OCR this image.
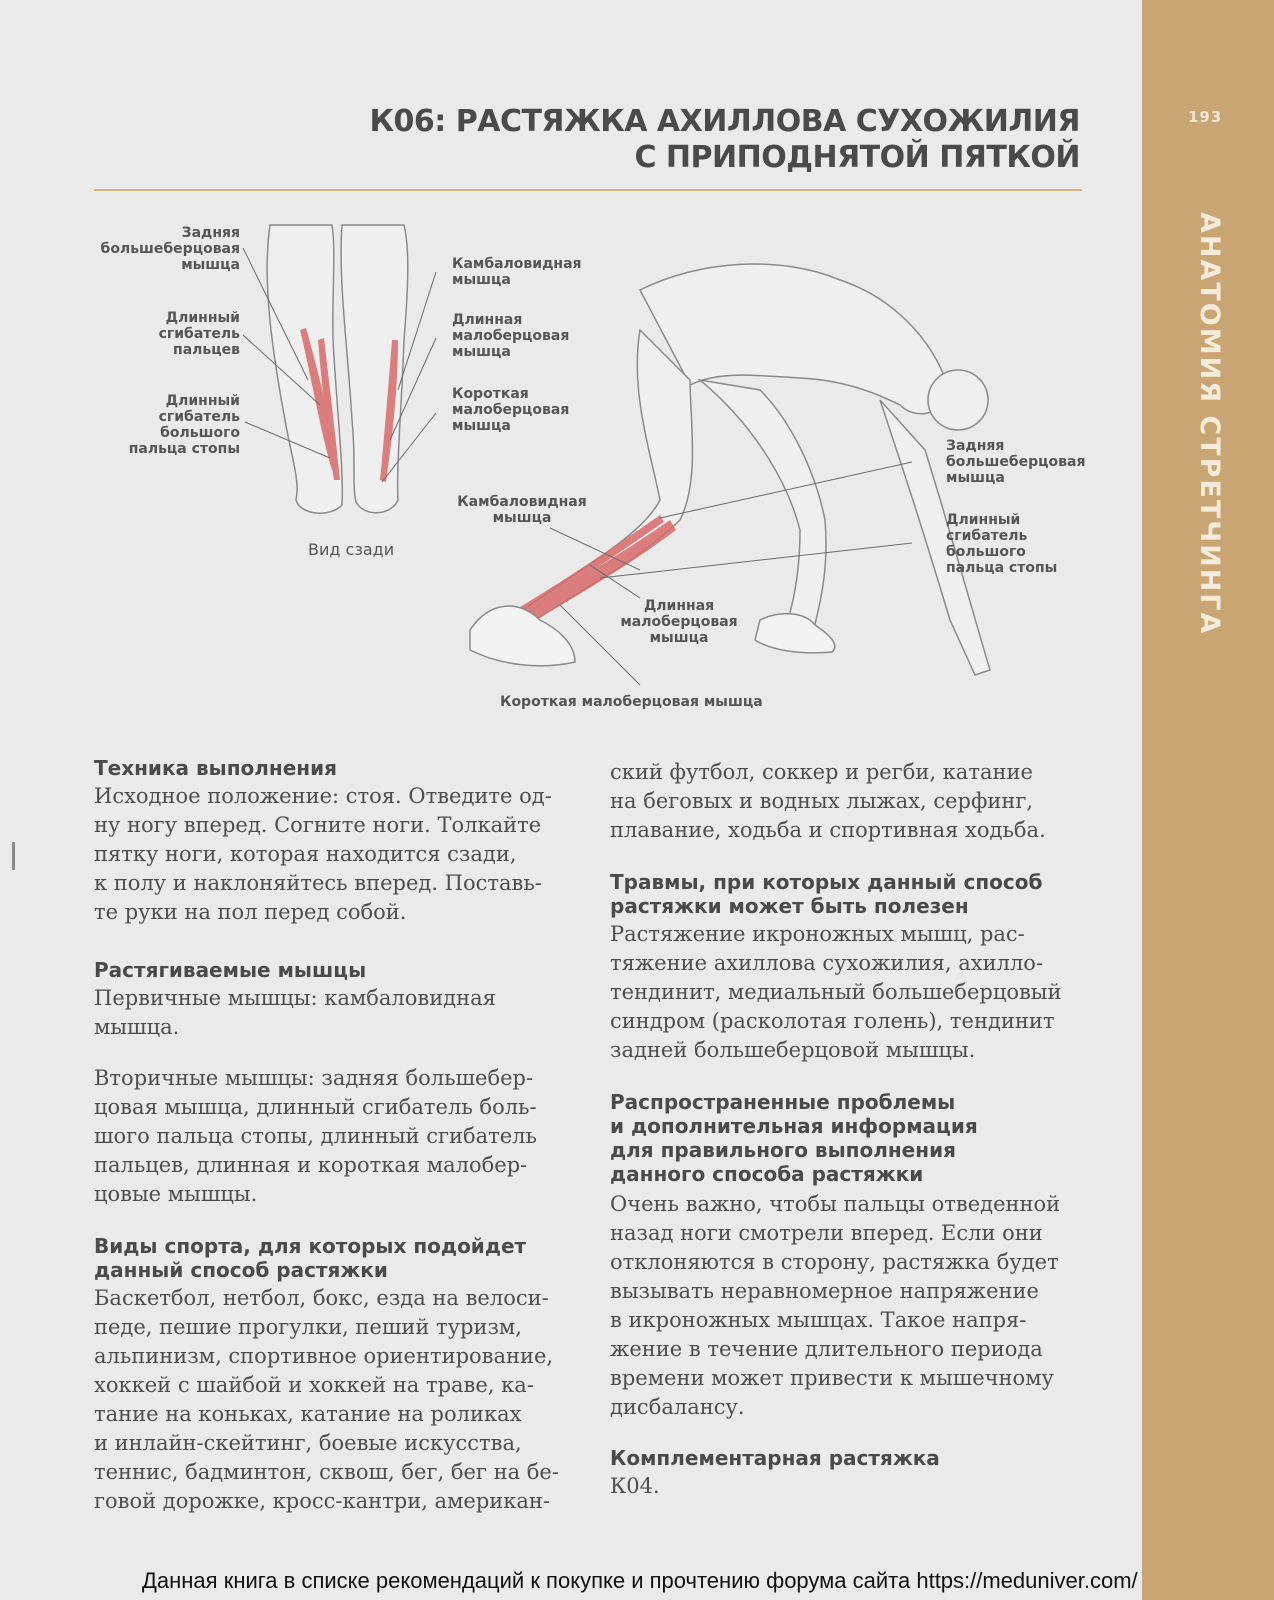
193
АНАТОМИЯ СТРЕТЧИНГА
К06: РАСТЯЖКА АХИЛЛОВА СУХОЖИЛИЯ
С ПРИПОДНЯТОЙ ПЯТКОЙ
Задняя
большеберцовая
мышца
Длинный
сгибатель
пальцев
Длинный
сгибатель
большого
пальца стопы
Камбаловидная
мышца
Длинная
малоберцовая
мышца
Короткая
малоберцовая
мышца
Вид сзади
Камбаловидная
мышца
Задняя
большеберцовая
мышца
Длинный
сгибатель
большого
пальца стопы
Длинная
малоберцовая
мышца
Короткая малоберцовая мышца
Техника выполнения
Исходное положение: стоя. Отведите од-
ну ногу вперед. Согните ноги. Толкайте
пятку ноги, которая находится сзади,
к полу и наклоняйтесь вперед. Поставь-
те руки на пол перед собой.
Растягиваемые мышцы
Первичные мышцы: камбаловидная
мышца.
Вторичные мышцы: задняя большебер-
цовая мышца, длинный сгибатель боль-
шого пальца стопы, длинный сгибатель
пальцев, длинная и короткая малобер-
цовые мышцы.
Виды спорта, для которых подойдет
данный способ растяжки
Баскетбол, нетбол, бокс, езда на велоси-
педе, пешие прогулки, пеший туризм,
альпинизм, спортивное ориентирование,
хоккей с шайбой и хоккей на траве, ка-
тание на коньках, катание на роликах
и инлайн-скейтинг, боевые искусства,
теннис, бадминтон, сквош, бег, бег на бе-
говой дорожке, кросс-кантри, американ-
ский футбол, соккер и регби, катание
на беговых и водных лыжах, серфинг,
плавание, ходьба и спортивная ходьба.
Травмы, при которых данный способ
растяжки может быть полезен
Растяжение икроножных мышц, рас-
тяжение ахиллова сухожилия, ахилло-
тендинит, медиальный большеберцовый
синдром (расколотая голень), тендинит
задней большеберцовой мышцы.
Распространенные проблемы
и дополнительная информация
для правильного выполнения
данного способа растяжки
Очень важно, чтобы пальцы отведенной
назад ноги смотрели вперед. Если они
отклоняются в сторону, растяжка будет
вызывать неравномерное напряжение
в икроножных мышцах. Такое напря-
жение в течение длительного периода
времени может привести к мышечному
дисбалансу.
Комплементарная растяжка
К04.
Данная книга в списке рекомендаций к покупке и прочтению форума сайта https://meduniver.com/
